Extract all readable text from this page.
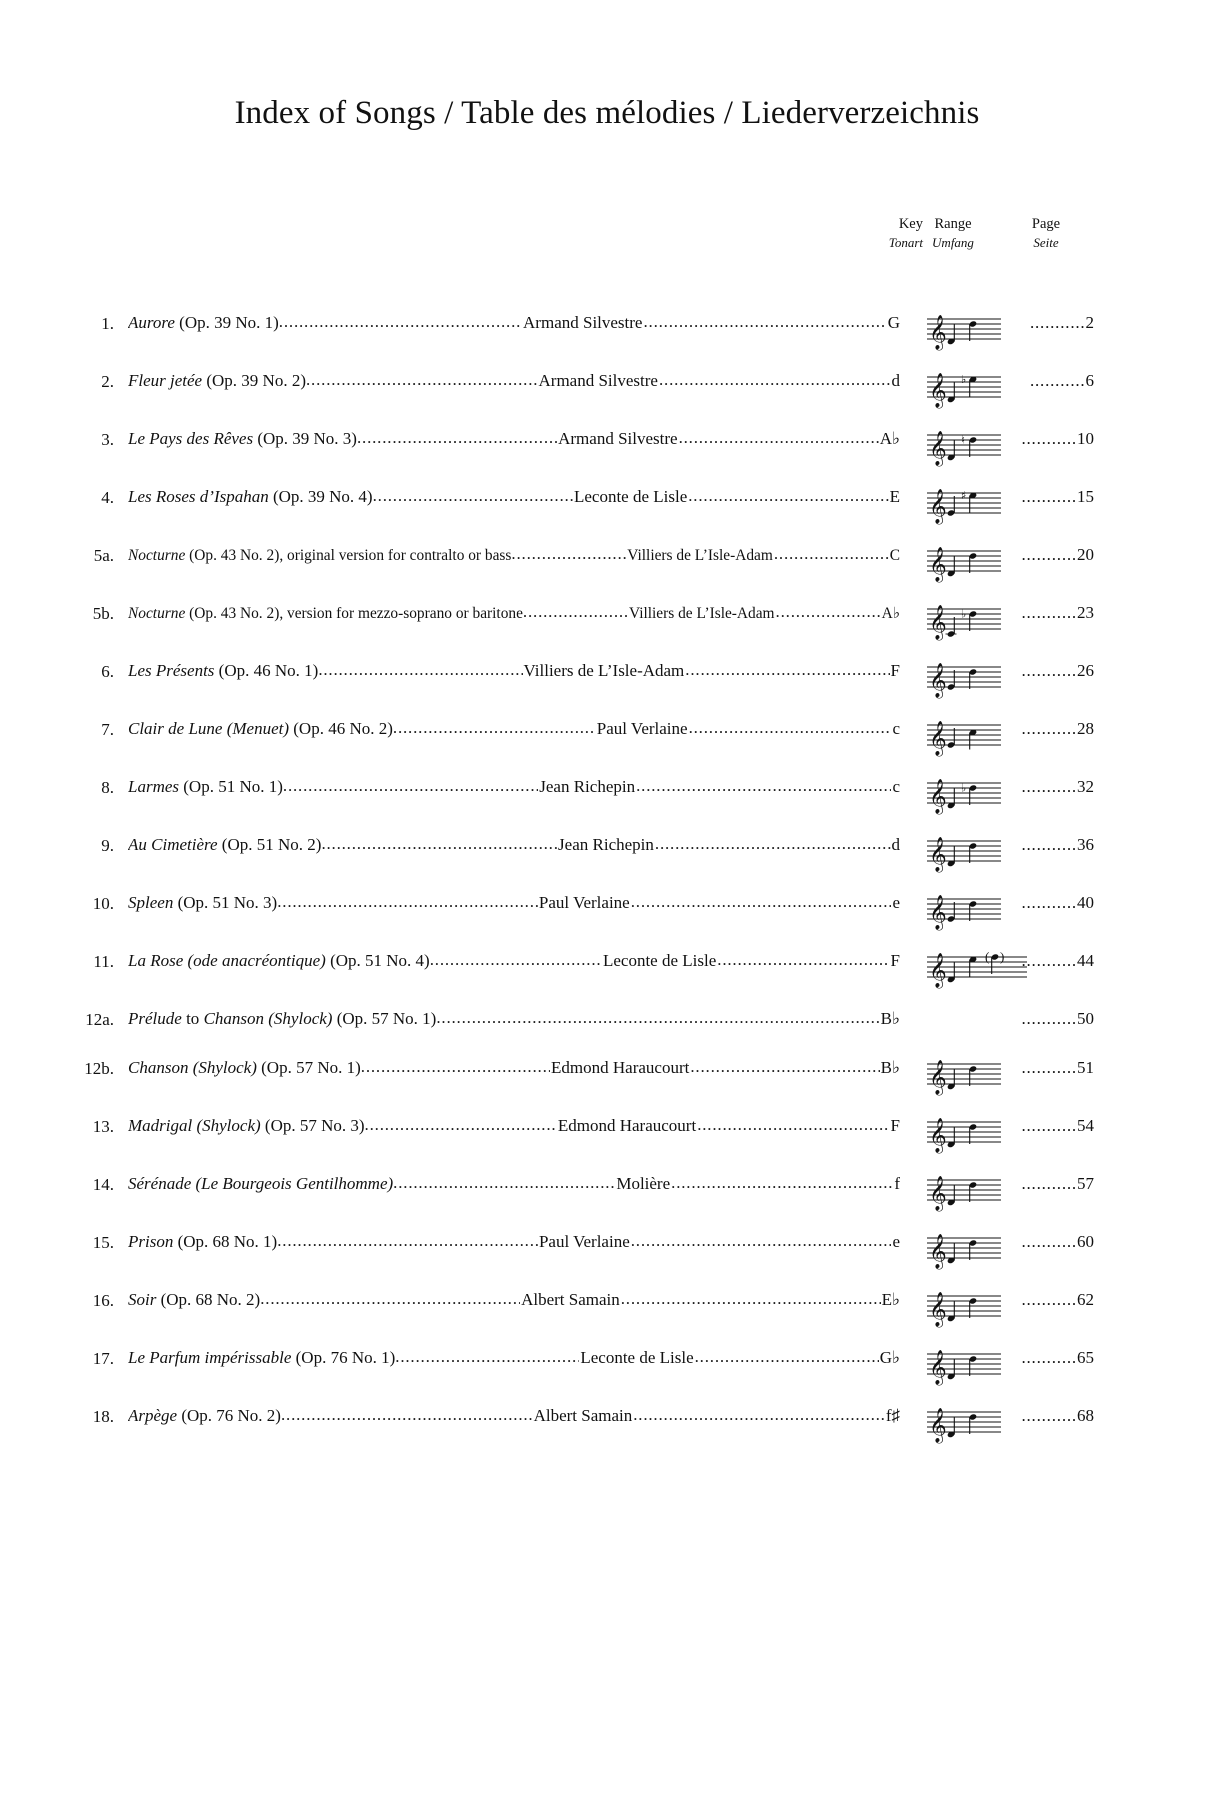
Index of Songs / Table des mélodies / Liederverzeichnis
Key
Tonart
Range
Umfang
Page
Seite
1. Aurore (Op. 39 No. 1) .....	Armand Silvestre .....	G 𝄞	...........2
2. Fleur jetée (Op. 39 No. 2) .....	Armand Silvestre .....	d 𝄞 ♭	...........6
3. Le Pays des Rêves (Op. 39 No. 3) .....	Armand Silvestre .....	A♭ 𝄞 ♮	...........10
4. Les Roses d’Ispahan (Op. 39 No. 4) .....	Leconte de Lisle .....	E 𝄞 ♯	...........15
5a. Nocturne (Op. 43 No. 2), original version for contralto or bass .....	Villiers de L’Isle-Adam .....	C 𝄞	...........20
5b. Nocturne (Op. 43 No. 2), version for mezzo-soprano or baritone .....	Villiers de L’Isle-Adam .....	A♭ 𝄞 ♭	...........23
6. Les Présents (Op. 46 No. 1) .....	Villiers de L’Isle-Adam .....	F 𝄞	...........26
7. Clair de Lune (Menuet) (Op. 46 No. 2) .....	Paul Verlaine .....	c 𝄞	...........28
8. Larmes (Op. 51 No. 1) .....	Jean Richepin .....	c 𝄞 ♭	...........32
9. Au Cimetière (Op. 51 No. 2) .....	Jean Richepin .....	d 𝄞	...........36
10. Spleen (Op. 51 No. 3) .....	Paul Verlaine .....	e 𝄞	...........40
11. La Rose (ode anacréontique) (Op. 51 No. 4) .....	Leconte de Lisle .....	F 𝄞	( )	...........44
12a. Prélude to Chanson (Shylock) (Op. 57 No. 1) .....	B♭	...........50
12b. Chanson (Shylock) (Op. 57 No. 1) .....	Edmond Haraucourt .....	B♭ 𝄞	...........51
13. Madrigal (Shylock) (Op. 57 No. 3) .....	Edmond Haraucourt .....	F 𝄞	...........54
14. Sérénade (Le Bourgeois Gentilhomme) .....	Molière .....	f 𝄞	...........57
15. Prison (Op. 68 No. 1) .....	Paul Verlaine .....	e 𝄞	...........60
16. Soir (Op. 68 No. 2) .....	Albert Samain .....	E♭ 𝄞	...........62
17. Le Parfum impérissable (Op. 76 No. 1) .....	Leconte de Lisle .....	G♭ 𝄞	...........65
18. Arpège (Op. 76 No. 2) .....	Albert Samain .....	f♯ 𝄞	...........68
